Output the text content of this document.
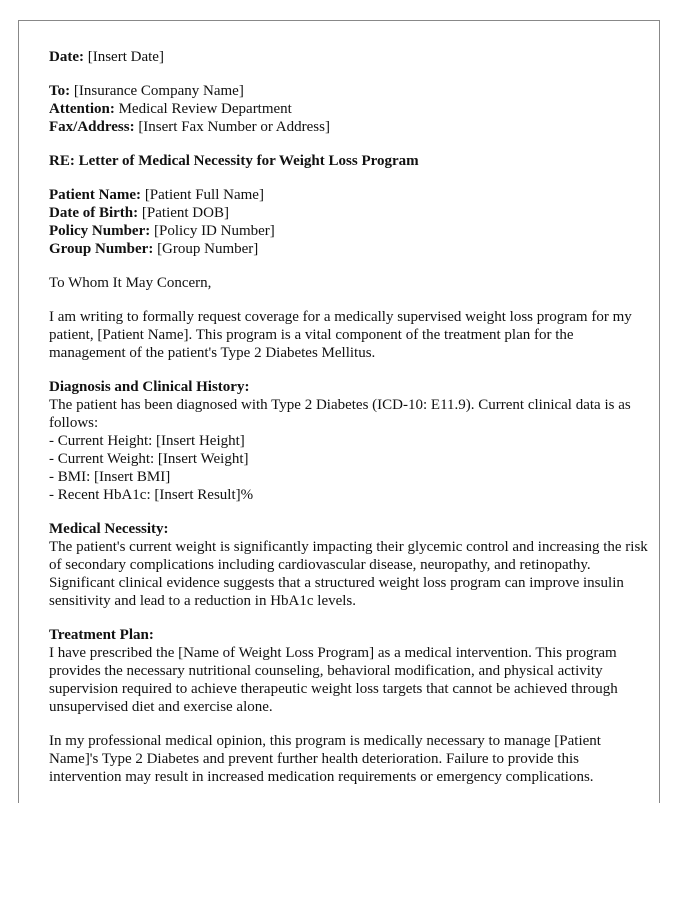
Date: [Insert Date]
To: [Insurance Company Name]
Attention: Medical Review Department
Fax/Address: [Insert Fax Number or Address]
RE: Letter of Medical Necessity for Weight Loss Program
Patient Name: [Patient Full Name]
Date of Birth: [Patient DOB]
Policy Number: [Policy ID Number]
Group Number: [Group Number]
To Whom It May Concern,
I am writing to formally request coverage for a medically supervised weight loss program for my patient, [Patient Name]. This program is a vital component of the treatment plan for the management of the patient's Type 2 Diabetes Mellitus.
Diagnosis and Clinical History:
The patient has been diagnosed with Type 2 Diabetes (ICD-10: E11.9). Current clinical data is as follows:
- Current Height: [Insert Height]
- Current Weight: [Insert Weight]
- BMI: [Insert BMI]
- Recent HbA1c: [Insert Result]%
Medical Necessity:
The patient's current weight is significantly impacting their glycemic control and increasing the risk of secondary complications including cardiovascular disease, neuropathy, and retinopathy. Significant clinical evidence suggests that a structured weight loss program can improve insulin sensitivity and lead to a reduction in HbA1c levels.
Treatment Plan:
I have prescribed the [Name of Weight Loss Program] as a medical intervention. This program provides the necessary nutritional counseling, behavioral modification, and physical activity supervision required to achieve therapeutic weight loss targets that cannot be achieved through unsupervised diet and exercise alone.
In my professional medical opinion, this program is medically necessary to manage [Patient Name]'s Type 2 Diabetes and prevent further health deterioration. Failure to provide this intervention may result in increased medication requirements or emergency complications.
